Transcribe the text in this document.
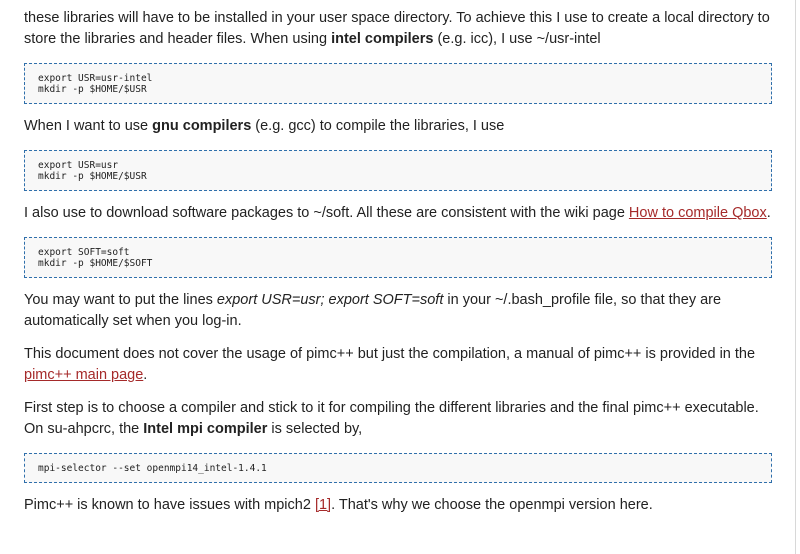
these libraries will have to be installed in your user space directory. To achieve this I use to create a local directory to store the libraries and header files. When using intel compilers (e.g. icc), I use ~/usr-intel

export USR=usr-intel
mkdir -p $HOME/$USR

When I want to use gnu compilers (e.g. gcc) to compile the libraries, I use

export USR=usr
mkdir -p $HOME/$USR

I also use to download software packages to ~/soft. All these are consistent with the wiki page How to compile Qbox.

export SOFT=soft
mkdir -p $HOME/$SOFT

You may want to put the lines export USR=usr; export SOFT=soft in your ~/.bash_profile file, so that they are automatically set when you log-in.

This document does not cover the usage of pimc++ but just the compilation, a manual of pimc++ is provided in the pimc++ main page.

First step is to choose a compiler and stick to it for compiling the different libraries and the final pimc++ executable. On su-ahpcrc, the Intel mpi compiler is selected by,

mpi-selector --set openmpi14_intel-1.4.1

Pimc++ is known to have issues with mpich2 [1]. That's why we choose the openmpi version here.
